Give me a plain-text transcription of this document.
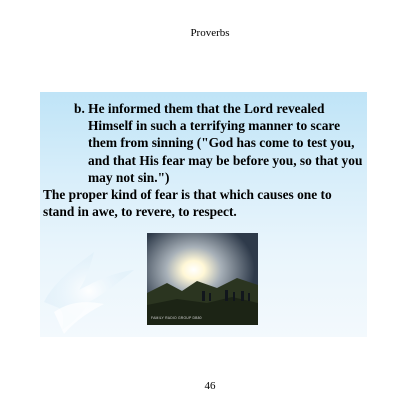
Proverbs
b. He informed them that the Lord revealed
Himself in such a terrifying manner to scare them from sinning ("God has come to test you, and that His fear may be before you, so that you may not sin.")
The proper kind of fear is that which causes one to stand in awe, to revere, to respect.
FAMILY RADIO GROUP DB80
46
